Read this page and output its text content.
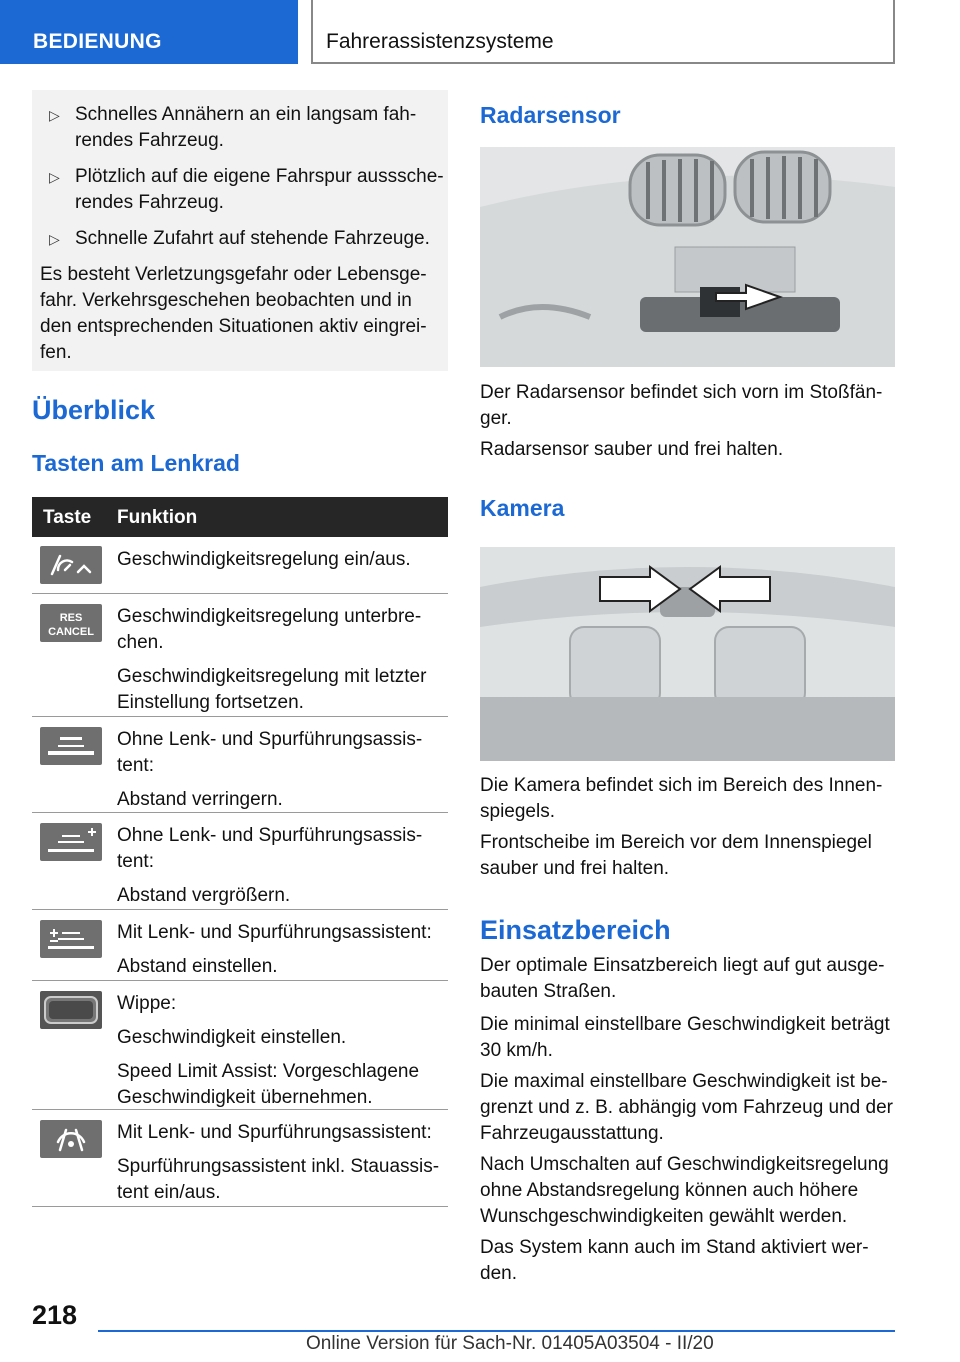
BEDIENUNG	Fahrerassistenzsysteme
▷ Schnelles Annähern an ein langsam fah-
rendes Fahrzeug.
▷ Plötzlich auf die eigene Fahrspur ausssche-
rendes Fahrzeug.
▷ Schnelle Zufahrt auf stehende Fahrzeuge.

Es besteht Verletzungsgefahr oder Lebensge-fahr. Verkehrsgeschehen beobachten und in den entsprechenden Situationen aktiv eingrei-fen.

Überblick
Tasten am Lenkrad
Taste Funktion

Geschwindigkeitsregelung ein/aus.

RES
CANCEL

Geschwindigkeitsregelung unterbre-chen.

Geschwindigkeitsregelung mit letzter Einstellung fortsetzen.

Ohne Lenk- und Spurführungsassis-tent:

Abstand verringern.

Ohne Lenk- und Spurführungsassis-tent:

Abstand vergrößern.

Mit Lenk- und Spurführungsassistent:

Abstand einstellen.

Wippe:

Geschwindigkeit einstellen.

Speed Limit Assist: Vorgeschlagene Geschwindigkeit übernehmen.

Mit Lenk- und Spurführungsassistent:

Spurführungsassistent inkl. Stauassis-tent ein/aus.

Radarsensor

Der Radarsensor befindet sich vorn im Stoßfän-ger.

Radarsensor sauber und frei halten.

Kamera

Die Kamera befindet sich im Bereich des Innen-spiegels.

Frontscheibe im Bereich vor dem Innenspiegel sauber und frei halten.

Einsatzbereich

Der optimale Einsatzbereich liegt auf gut ausge-bauten Straßen.

Die minimal einstellbare Geschwindigkeit beträgt 30 km/h.

Die maximal einstellbare Geschwindigkeit ist be-grenzt und z. B. abhängig vom Fahrzeug und der Fahrzeugausstattung.

Nach Umschalten auf Geschwindigkeitsregelung ohne Abstandsregelung können auch höhere Wunschgeschwindigkeiten gewählt werden.

Das System kann auch im Stand aktiviert wer-den.

218
Online Version für Sach-Nr. 01405A03504 - II/20
